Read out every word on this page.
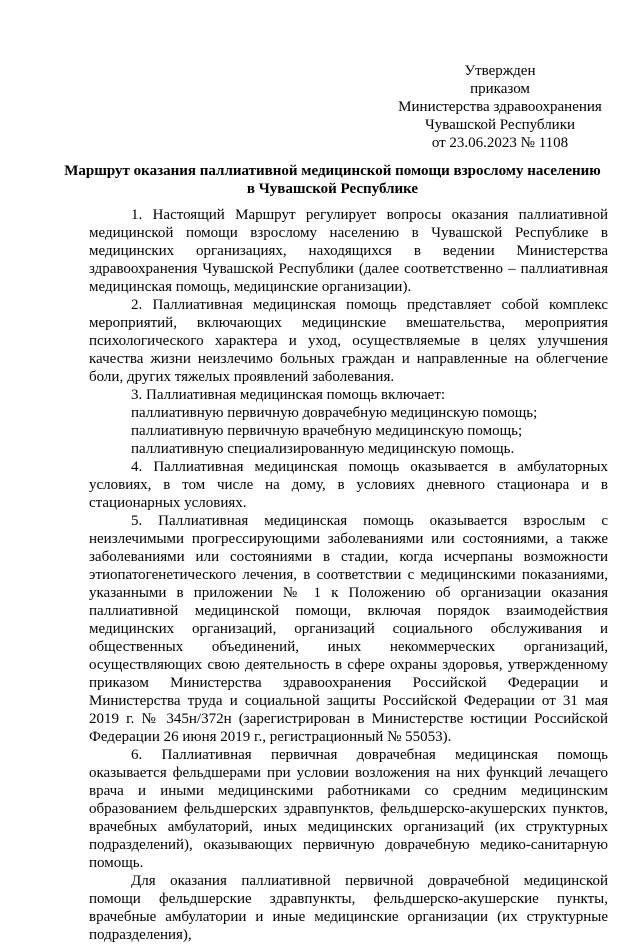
Утвержден
приказом
Министерства здравоохранения
Чувашской Республики
от 23.06.2023 № 1108
Маршрут оказания паллиативной медицинской помощи взрослому населению
в Чувашской Республике

1. Настоящий Маршрут регулирует вопросы оказания паллиативной медицинской помощи взрослому населению в Чувашской Республике в медицинских организациях, находящихся в ведении Министерства здравоохранения Чувашской Республики (далее соответственно – паллиативная медицинская помощь, медицинские организации).

2. Паллиативная медицинская помощь представляет собой комплекс мероприятий, включающих медицинские вмешательства, мероприятия психологического характера и уход, осуществляемые в целях улучшения качества жизни неизлечимо больных граждан и направленные на облегчение боли, других тяжелых проявлений заболевания.

3. Паллиативная медицинская помощь включает:

паллиативную первичную доврачебную медицинскую помощь;

паллиативную первичную врачебную медицинскую помощь;

паллиативную специализированную медицинскую помощь.

4. Паллиативная медицинская помощь оказывается в амбулаторных условиях, в том числе на дому, в условиях дневного стационара и в стационарных условиях.

5. Паллиативная медицинская помощь оказывается взрослым с неизлечимыми прогрессирующими заболеваниями или состояниями, а также заболеваниями или состояниями в стадии, когда исчерпаны возможности этиопатогенетического лечения, в соответствии с медицинскими показаниями, указанными в приложении № 1 к Положению об организации оказания паллиативной медицинской помощи, включая порядок взаимодействия медицинских организаций, организаций социального обслуживания и общественных объединений, иных некоммерческих организаций, осуществляющих свою деятельность в сфере охраны здоровья, утвержденному приказом Министерства здравоохранения Российской Федерации и Министерства труда и социальной защиты Российской Федерации от 31 мая 2019 г. № 345н/372н (зарегистрирован в Министерстве юстиции Российской Федерации 26 июня 2019 г., регистрационный № 55053).

6. Паллиативная первичная доврачебная медицинская помощь оказывается фельдшерами при условии возложения на них функций лечащего врача и иными медицинскими работниками со средним медицинским образованием фельдшерских здравпунктов, фельдшерско-акушерских пунктов, врачебных амбулаторий, иных медицинских организаций (их структурных подразделений), оказывающих первичную доврачебную медико-санитарную помощь.

Для оказания паллиативной первичной доврачебной медицинской помощи фельдшерские здравпункты, фельдшерско-акушерские пункты, врачебные амбулатории и иные медицинские организации (их структурные подразделения),
